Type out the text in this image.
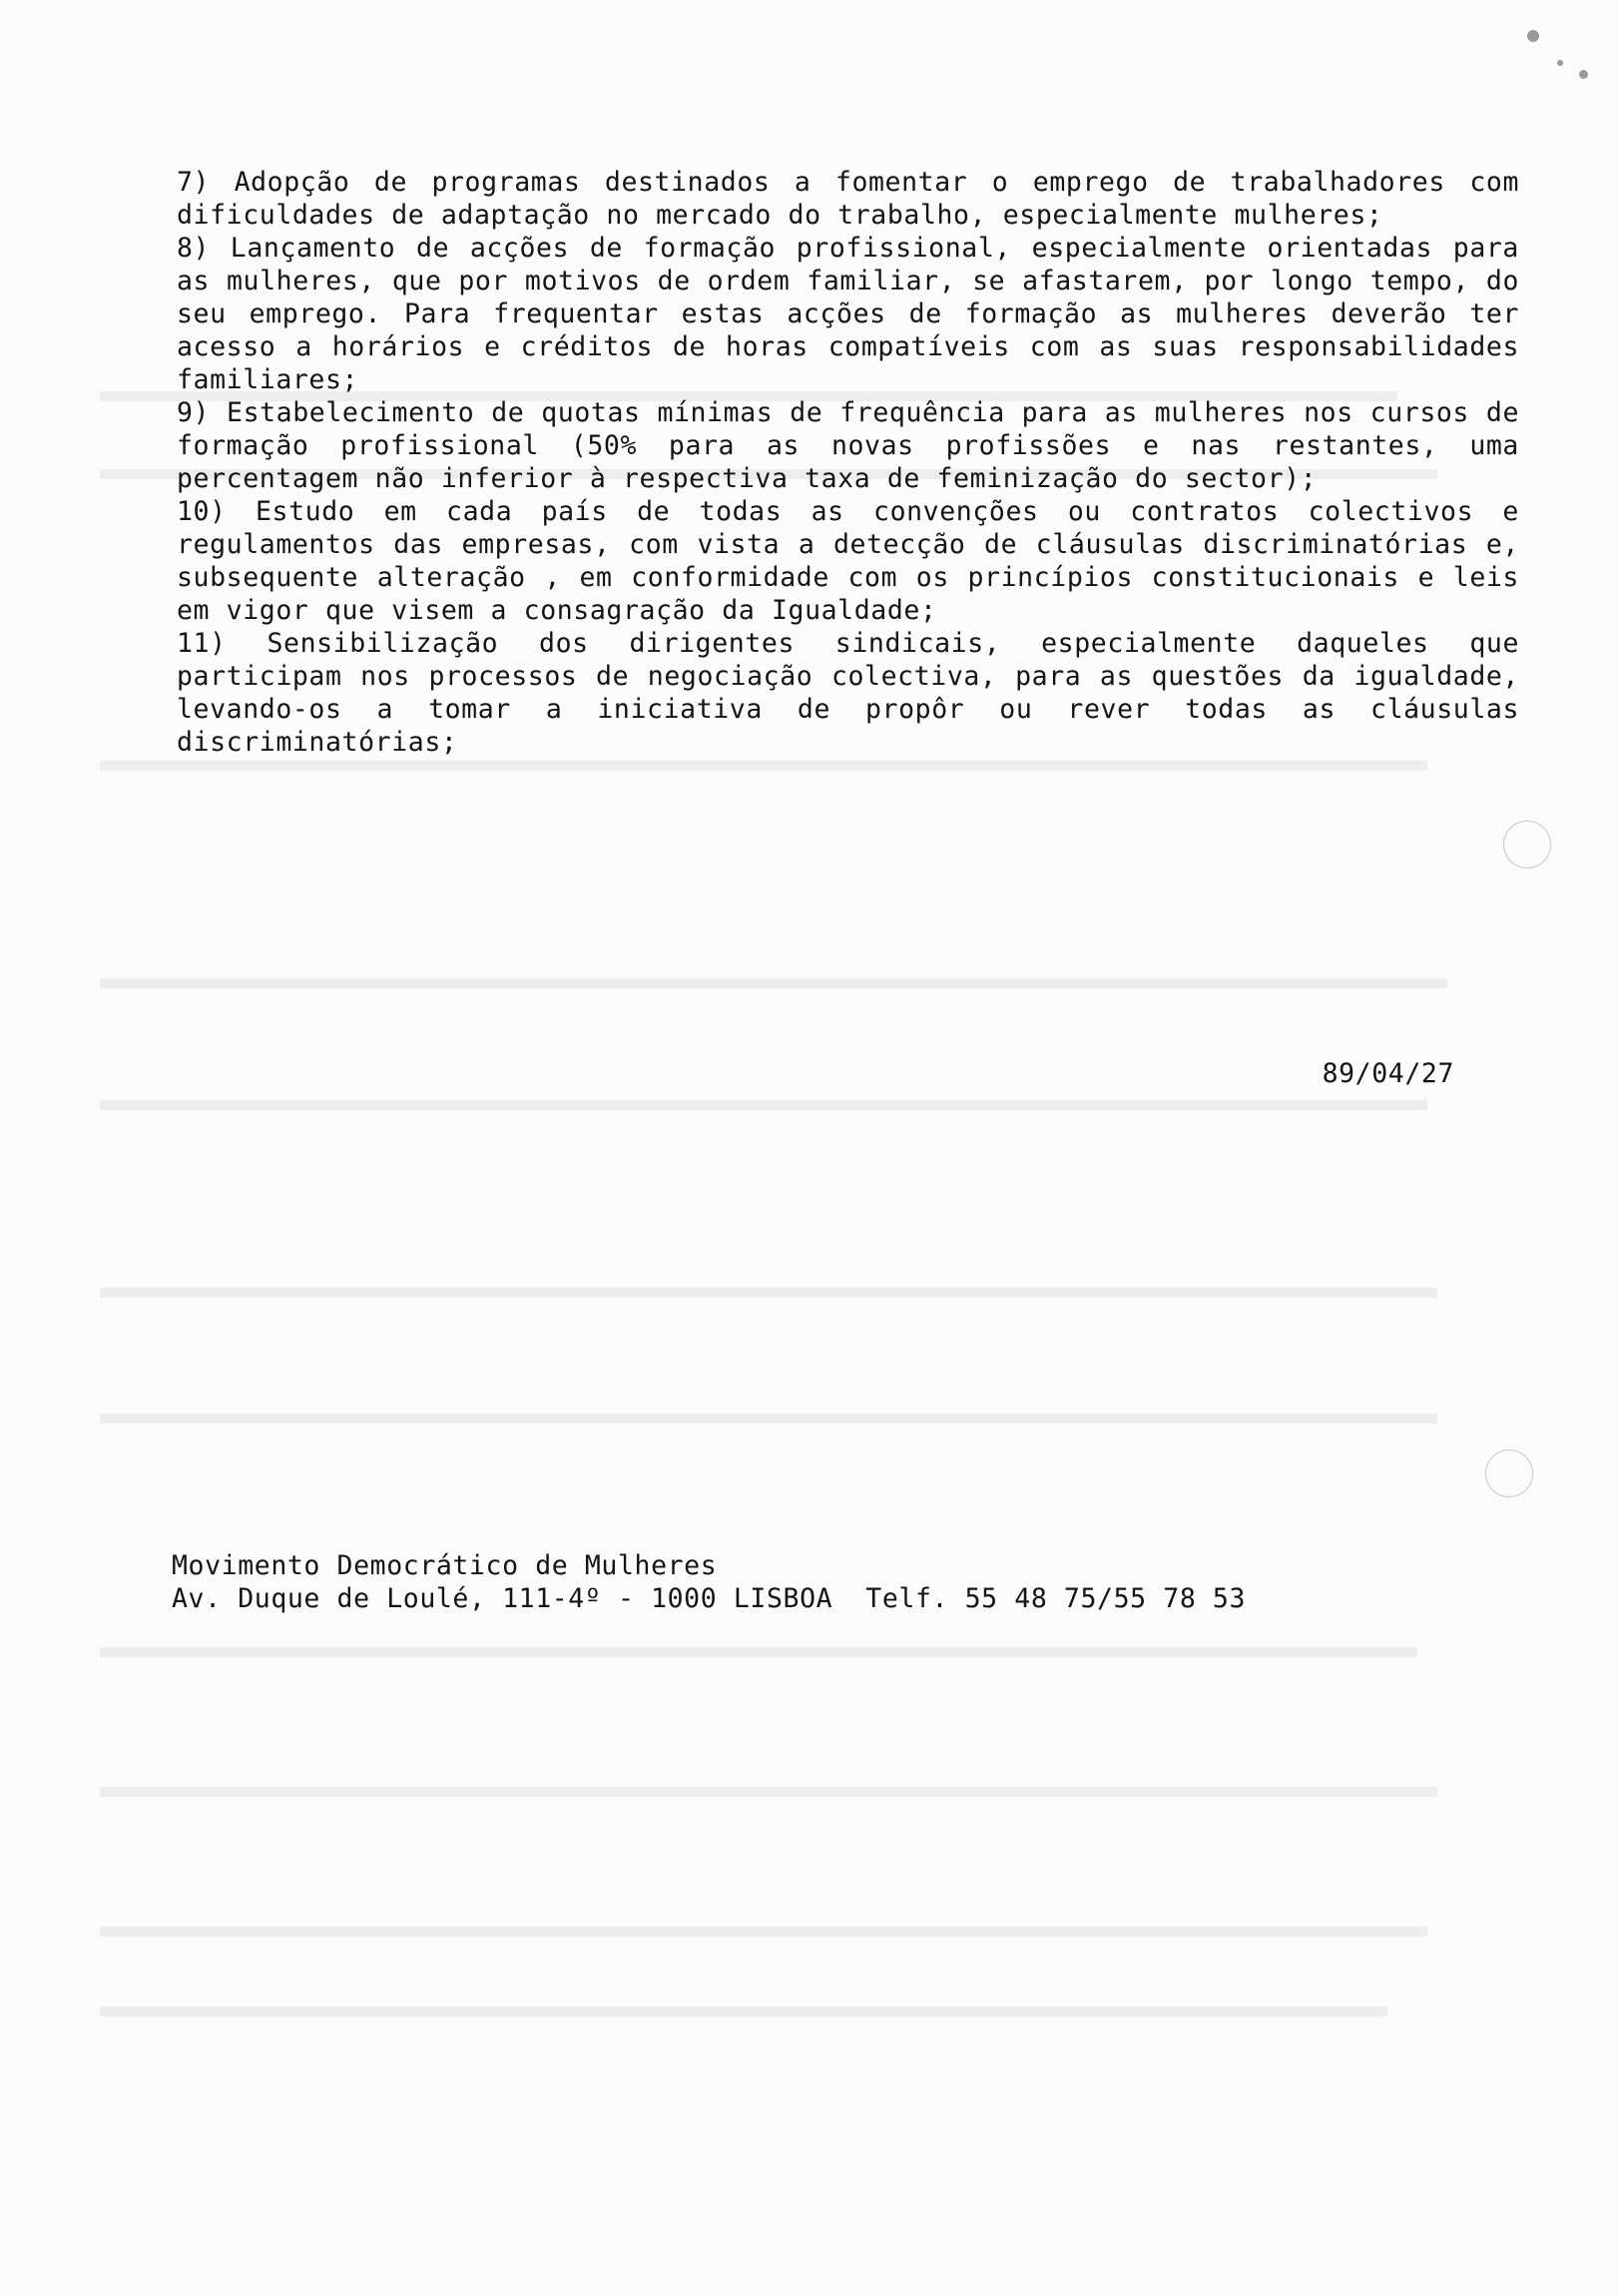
7) Adopção de programas destinados a fomentar o emprego de trabalhadores com dificuldades de adaptação no mercado do trabalho, especialmente mulheres;

8) Lançamento de acções de formação profissional, especialmente orientadas para as mulheres, que por motivos de ordem familiar, se afastarem, por longo tempo, do seu emprego. Para frequentar estas acções de formação as mulheres deverão ter acesso a horários e créditos de horas compatíveis com as suas responsabilidades familiares;

9) Estabelecimento de quotas mínimas de frequência para as mulheres nos cursos de formação profissional (50% para as novas profissões e nas restantes, uma percentagem não inferior à respectiva taxa de feminização do sector);

10) Estudo em cada país de todas as convenções ou contratos colectivos e regulamentos das empresas, com vista a detecção de cláusulas discriminatórias e, subsequente alteração , em conformidade com os princípios constitucionais e leis em vigor que visem a consagração da Igualdade;

11) Sensibilização dos dirigentes sindicais, especialmente daqueles que participam nos processos de negociação colectiva, para as questões da igualdade, levando-os a tomar a iniciativa de propôr ou rever todas as cláusulas discriminatórias;

89/04/27

Movimento Democrático de Mulheres

Av. Duque de Loulé, 111-4º - 1000 LISBOA  Telf. 55 48 75/55 78 53
